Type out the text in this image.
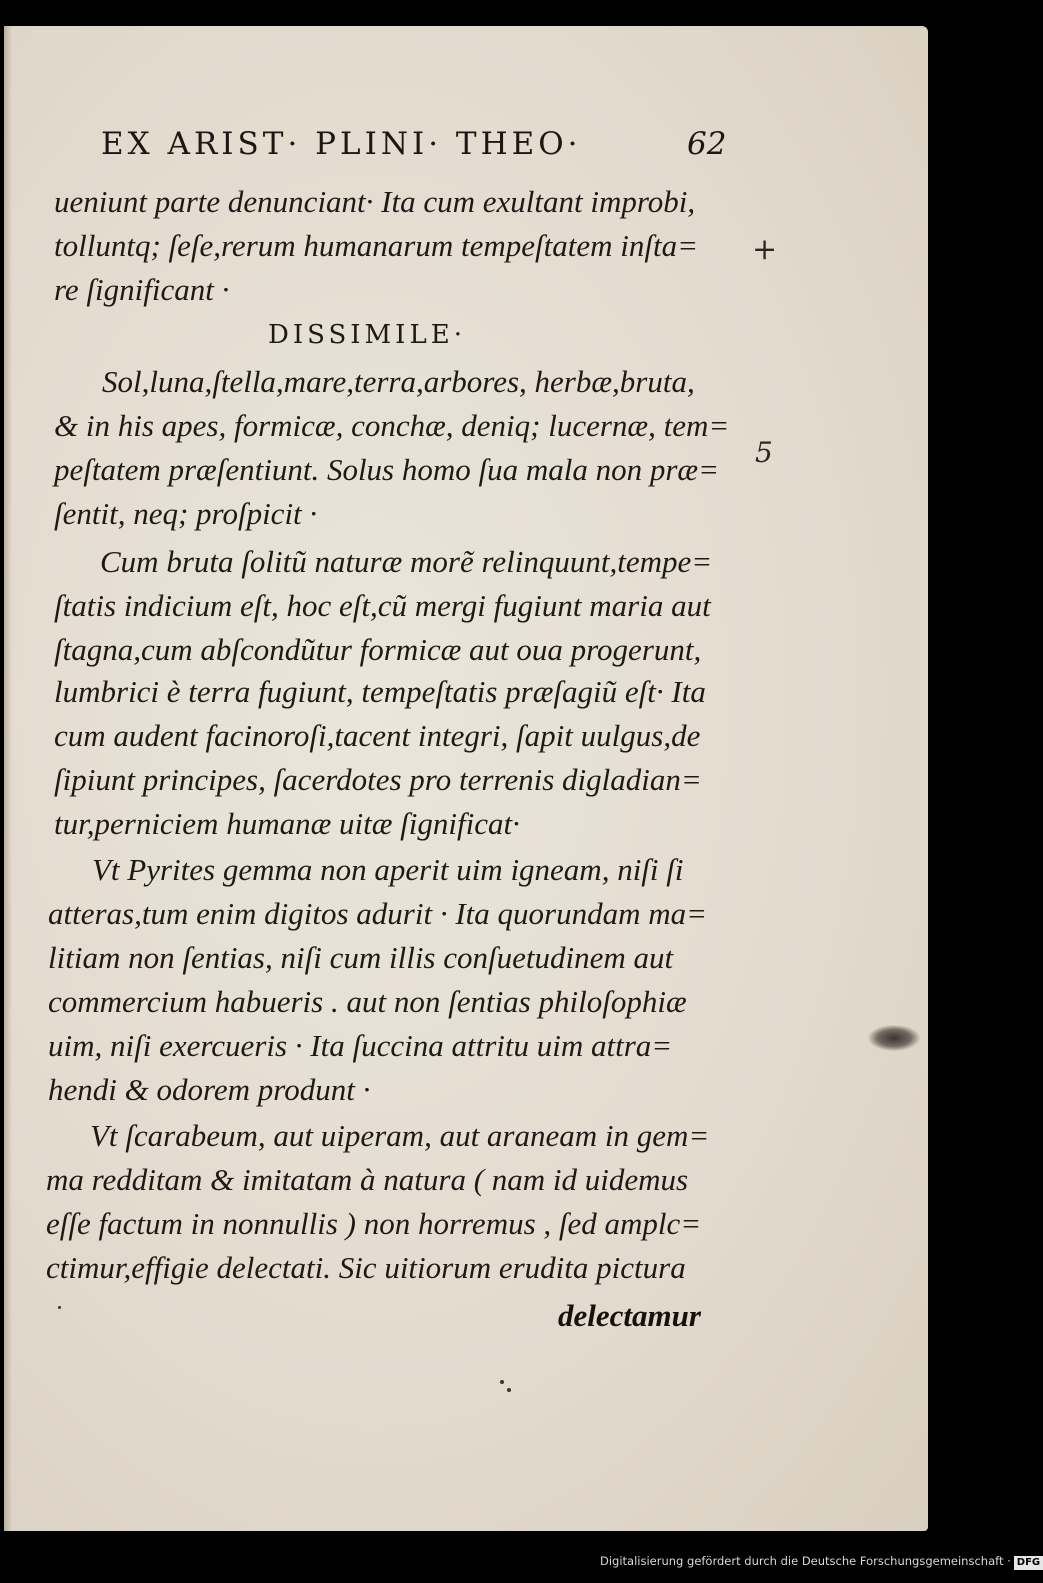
EX ARIST· PLINI· THEO·	62
ueniunt parte denunciant· Ita cum exultant improbi,
tolluntq; ſeſe,rerum humanarum tempeſtatem inſta=
re ſignificant ·
DISSIMILE·
Sol,luna,ſtella,mare,terra,arbores, herbæ,bruta,
& in his apes, formicæ, conchæ, deniq; lucernæ, tem=
peſtatem præſentiunt. Solus homo ſua mala non præ=
ſentit, neq; proſpicit ·
Cum bruta ſolitũ naturæ morẽ relinquunt,tempe=
ſtatis indicium eſt, hoc eſt,cũ mergi fugiunt maria aut
ſtagna,cum abſcondũtur formicæ aut oua progerunt,
lumbrici è terra fugiunt, tempeſtatis præſagiũ eſt· Ita
cum audent facinoroſi,tacent integri, ſapit uulgus,de
ſipiunt principes, ſacerdotes pro terrenis digladian=
tur,perniciem humanæ uitæ ſignificat·
Vt Pyrites gemma non aperit uim igneam, niſi ſi
atteras,tum enim digitos adurit · Ita quorundam ma=
litiam non ſentias, niſi cum illis conſuetudinem aut
commercium habueris . aut non ſentias philoſophiæ
uim, niſi exercueris · Ita ſuccina attritu uim attra=
hendi & odorem produnt ·
Vt ſcarabeum, aut uiperam, aut araneam in gem=
ma redditam & imitatam à natura ( nam id uidemus
eſſe factum in nonnullis ) non horremus , ſed amplc=
ctimur,effigie delectati. Sic uitiorum erudita pictura
delectamur
+
5
Digitalisierung gefördert durch die Deutsche Forschungsgemeinschaft · DFG
